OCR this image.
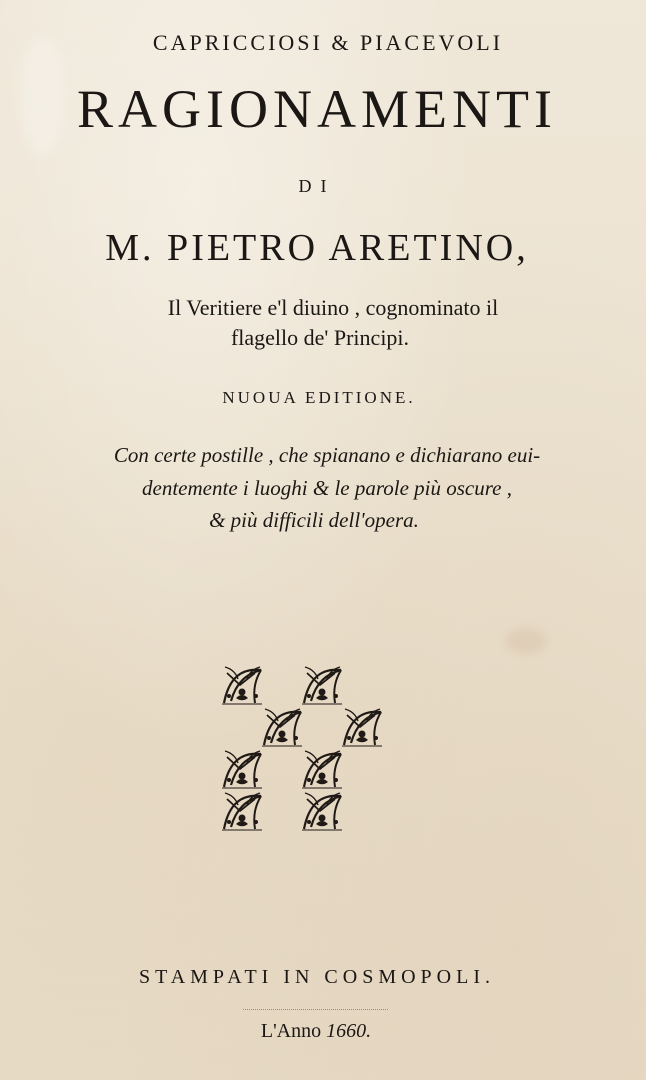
CAPRICCIOSI & PIACEVOLI
RAGIONAMENTI
DI
M. PIETRO ARETINO,
Il Veritiere e'l diuino , cognominato il
flagello de' Principi.
NUOUA EDITIONE.
Con certe postille , che spianano e dichiarano eui-
dentemente i luoghi & le parole più oscure ,
& più difficili dell'opera.
STAMPATI IN COSMOPOLI.
L'Anno 1660.
